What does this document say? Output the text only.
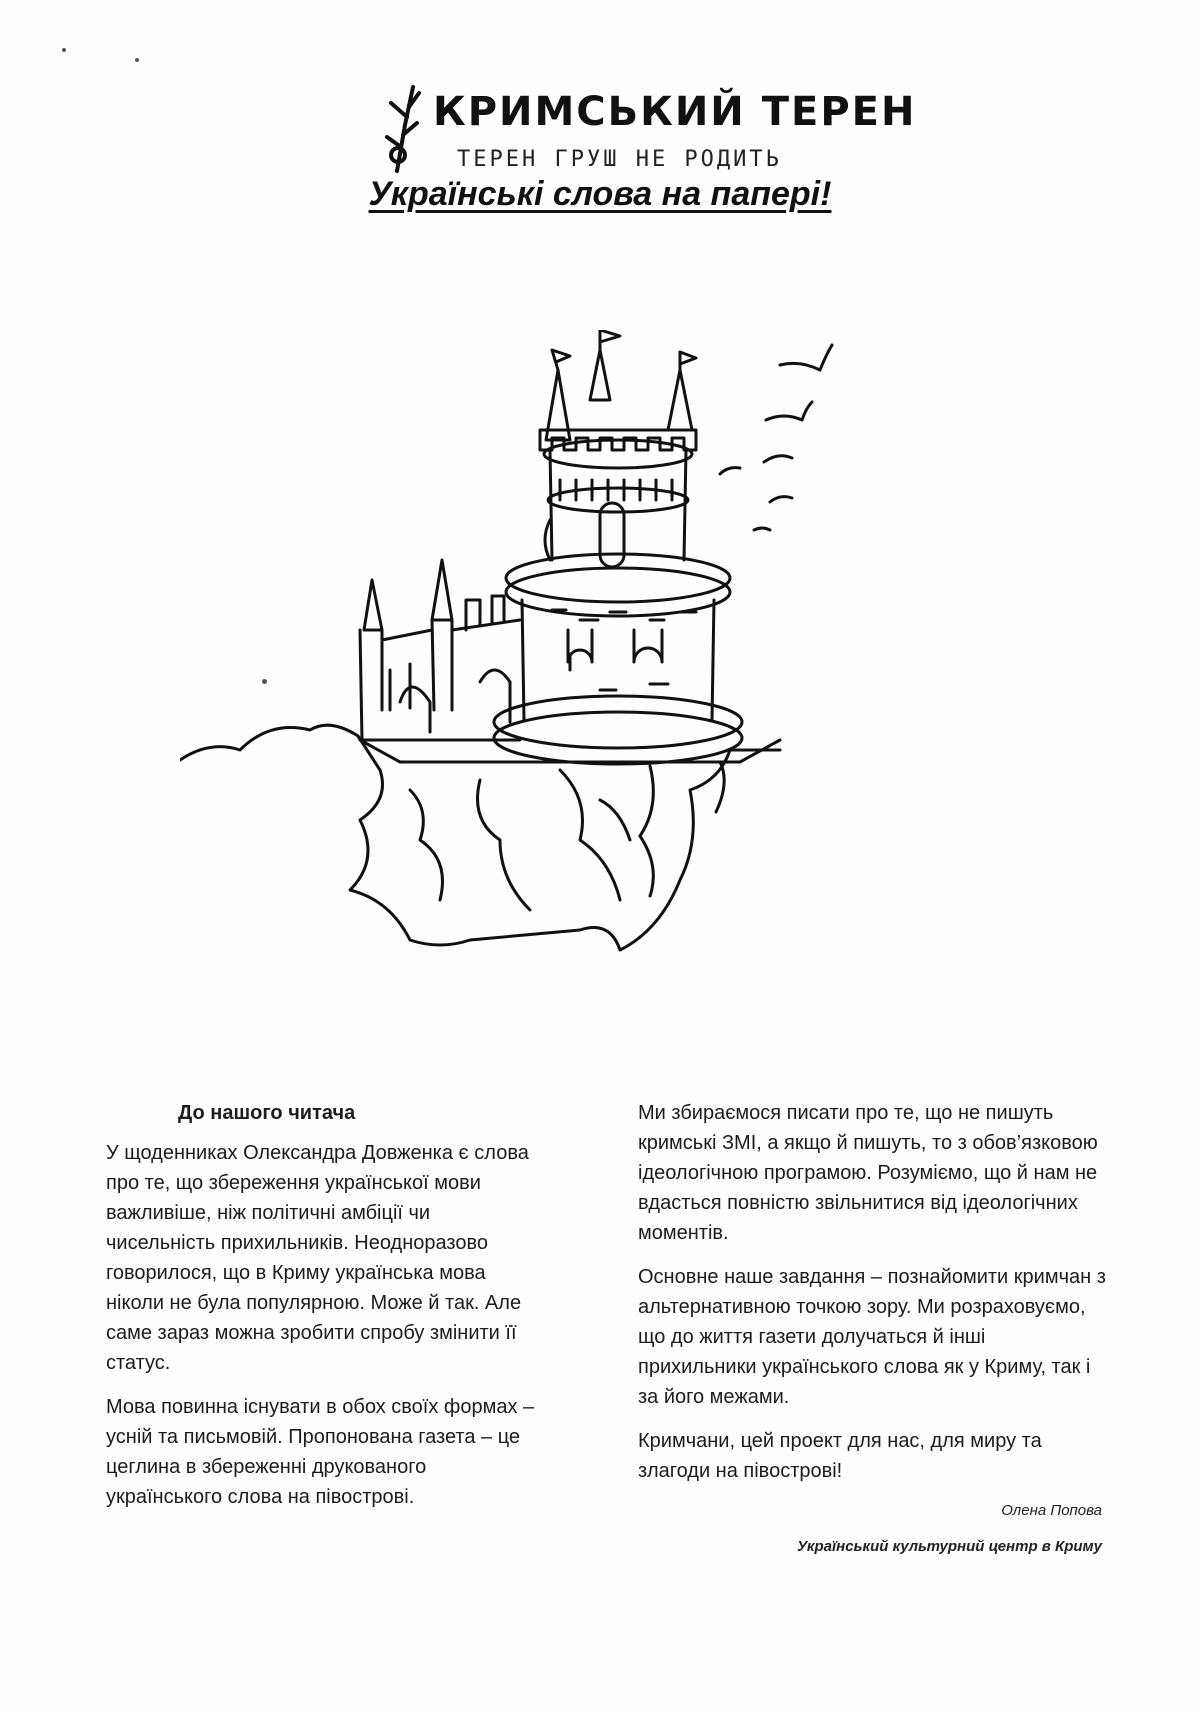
КРИМСЬКИЙ ТЕРЕН
ТЕРЕН ГРУШ НЕ РОДИТЬ
Українські слова на папері!
До нашого читача

У щоденниках Олександра Довженка є слова про те, що збереження української мови важливіше, ніж політичні амбіції чи чисельність прихильників. Неодноразово говорилося, що в Криму українська мова ніколи не була популярною. Може й так. Але саме зараз можна зробити спробу змінити її статус.

Мова повинна існувати в обох своїх формах – усній та письмовій. Пропонована газета – це цеглина в збереженні друкованого українського слова на півострові.

Ми збираємося писати про те, що не пишуть кримські ЗМІ, а якщо й пишуть, то з обов’язковою ідеологічною програмою. Розуміємо, що й нам не вдасться повністю звільнитися від ідеологічних моментів.

Основне наше завдання – познайомити кримчан з альтернативною точкою зору. Ми розраховуємо, що до життя газети долучаться й інші прихильники українського слова як у Криму, так і за його межами.

Кримчани, цей проект для нас, для миру та злагоди на півострові!

Олена Попова
Український культурний центр в Криму
